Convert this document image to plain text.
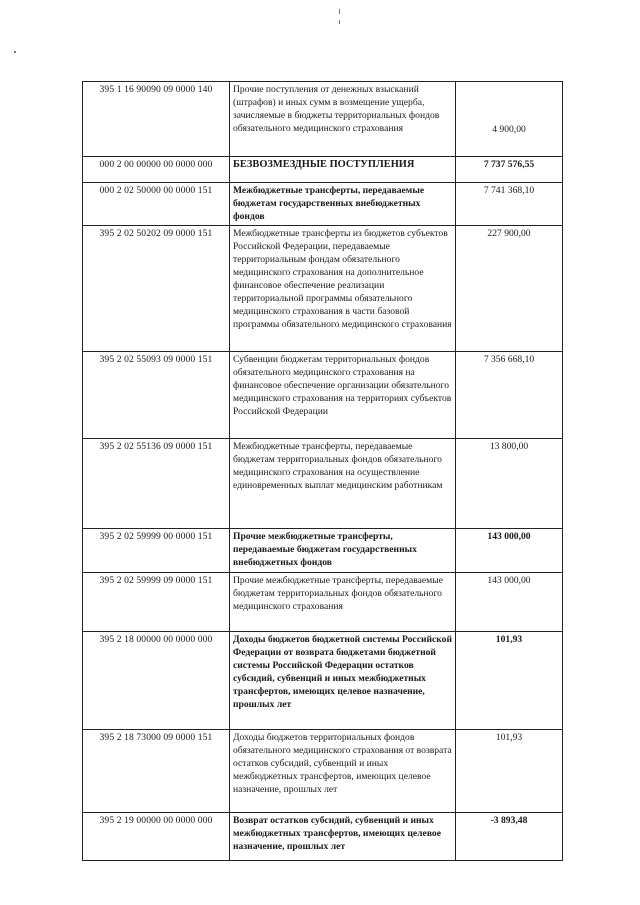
395 1 16 90090 09 0000 140	Прочие поступления от денежных взысканий (штрафов) и иных сумм в возмещение ущерба, зачисляемые в бюджеты территориальных фондов обязательного медицинского страхования	4 900,00
000 2 00 00000 00 0000 000	БЕЗВОЗМЕЗДНЫЕ ПОСТУПЛЕНИЯ	7 737 576,55
000 2 02 50000 00 0000 151	Межбюджетные трансферты, передаваемые бюджетам государственных внебюджетных фондов	7 741 368,10
395 2 02 50202 09 0000 151	Межбюджетные трансферты из бюджетов субъектов Российской Федерации, передаваемые территориальным фондам обязательного медицинского страхования на дополнительное финансовое обеспечение реализации территориальной программы обязательного медицинского страхования в части базовой программы обязательного медицинского страхования	227 900,00
395 2 02 55093 09 0000 151	Субвенции бюджетам территориальных фондов обязательного медицинского страхования на финансовое обеспечение организации обязательного медицинского страхования на территориях субъектов Российской Федерации	7 356 668,10
395 2 02 55136 09 0000 151	Межбюджетные трансферты, передаваемые бюджетам территориальных фондов обязательного медицинского страхования на осуществление единовременных выплат медицинским работникам	13 800,00
395 2 02 59999 00 0000 151	Прочие межбюджетные трансферты, передаваемые бюджетам государственных внебюджетных фондов	143 000,00
395 2 02 59999 09 0000 151	Прочие межбюджетные трансферты, передаваемые бюджетам территориальных фондов обязательного медицинского страхования	143 000,00
395 2 18 00000 00 0000 000	Доходы бюджетов бюджетной системы Российской Федерации от возврата бюджетами бюджетной системы Российской Федерации остатков субсидий, субвенций и иных межбюджетных трансфертов, имеющих целевое назначение, прошлых лет	101,93
395 2 18 73000 09 0000 151	Доходы бюджетов территориальных фондов обязательного медицинского страхования от возврата остатков субсидий, субвенций и иных межбюджетных трансфертов, имеющих целевое назначение, прошлых лет	101,93
395 2 19 00000 00 0000 000	Возврат остатков субсидий, субвенций и иных межбюджетных трансфертов, имеющих целевое назначение, прошлых лет	-3 893,48
